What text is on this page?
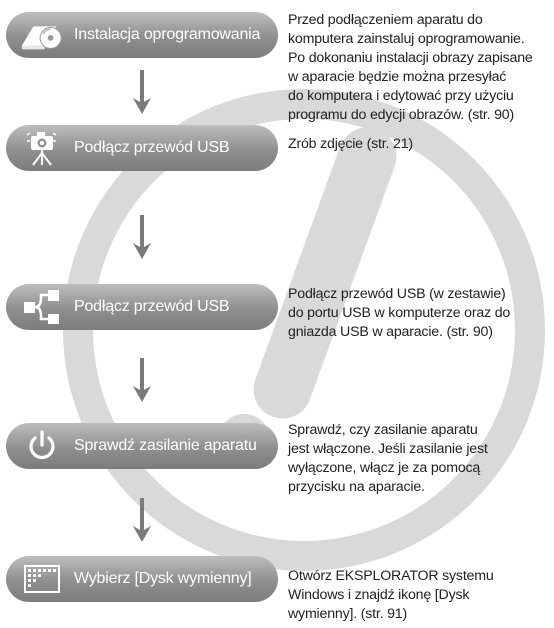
Instalacja oprogramowania
Przed podłączeniem aparatu do
komputera zainstaluj oprogramowanie.
Po dokonaniu instalacji obrazy zapisane
w aparacie będzie można przesyłać
do komputera i edytować przy użyciu
programu do edycji obrazów. (str. 90)
Podłącz przewód USB	Zrób zdjęcie (str. 21)
Podłącz przewód USB
Podłącz przewód USB (w zestawie)
do portu USB w komputerze oraz do
gniazda USB w aparacie. (str. 90)
Sprawdź zasilanie aparatu
Sprawdź, czy zasilanie aparatu
jest włączone. Jeśli zasilanie jest
wyłączone, włącz je za pomocą
przycisku na aparacie.
Wybierz [Dysk wymienny]	Otwórz EKSPLORATOR systemu
Windows i znajdź ikonę [Dysk
wymienny]. (str. 91)
